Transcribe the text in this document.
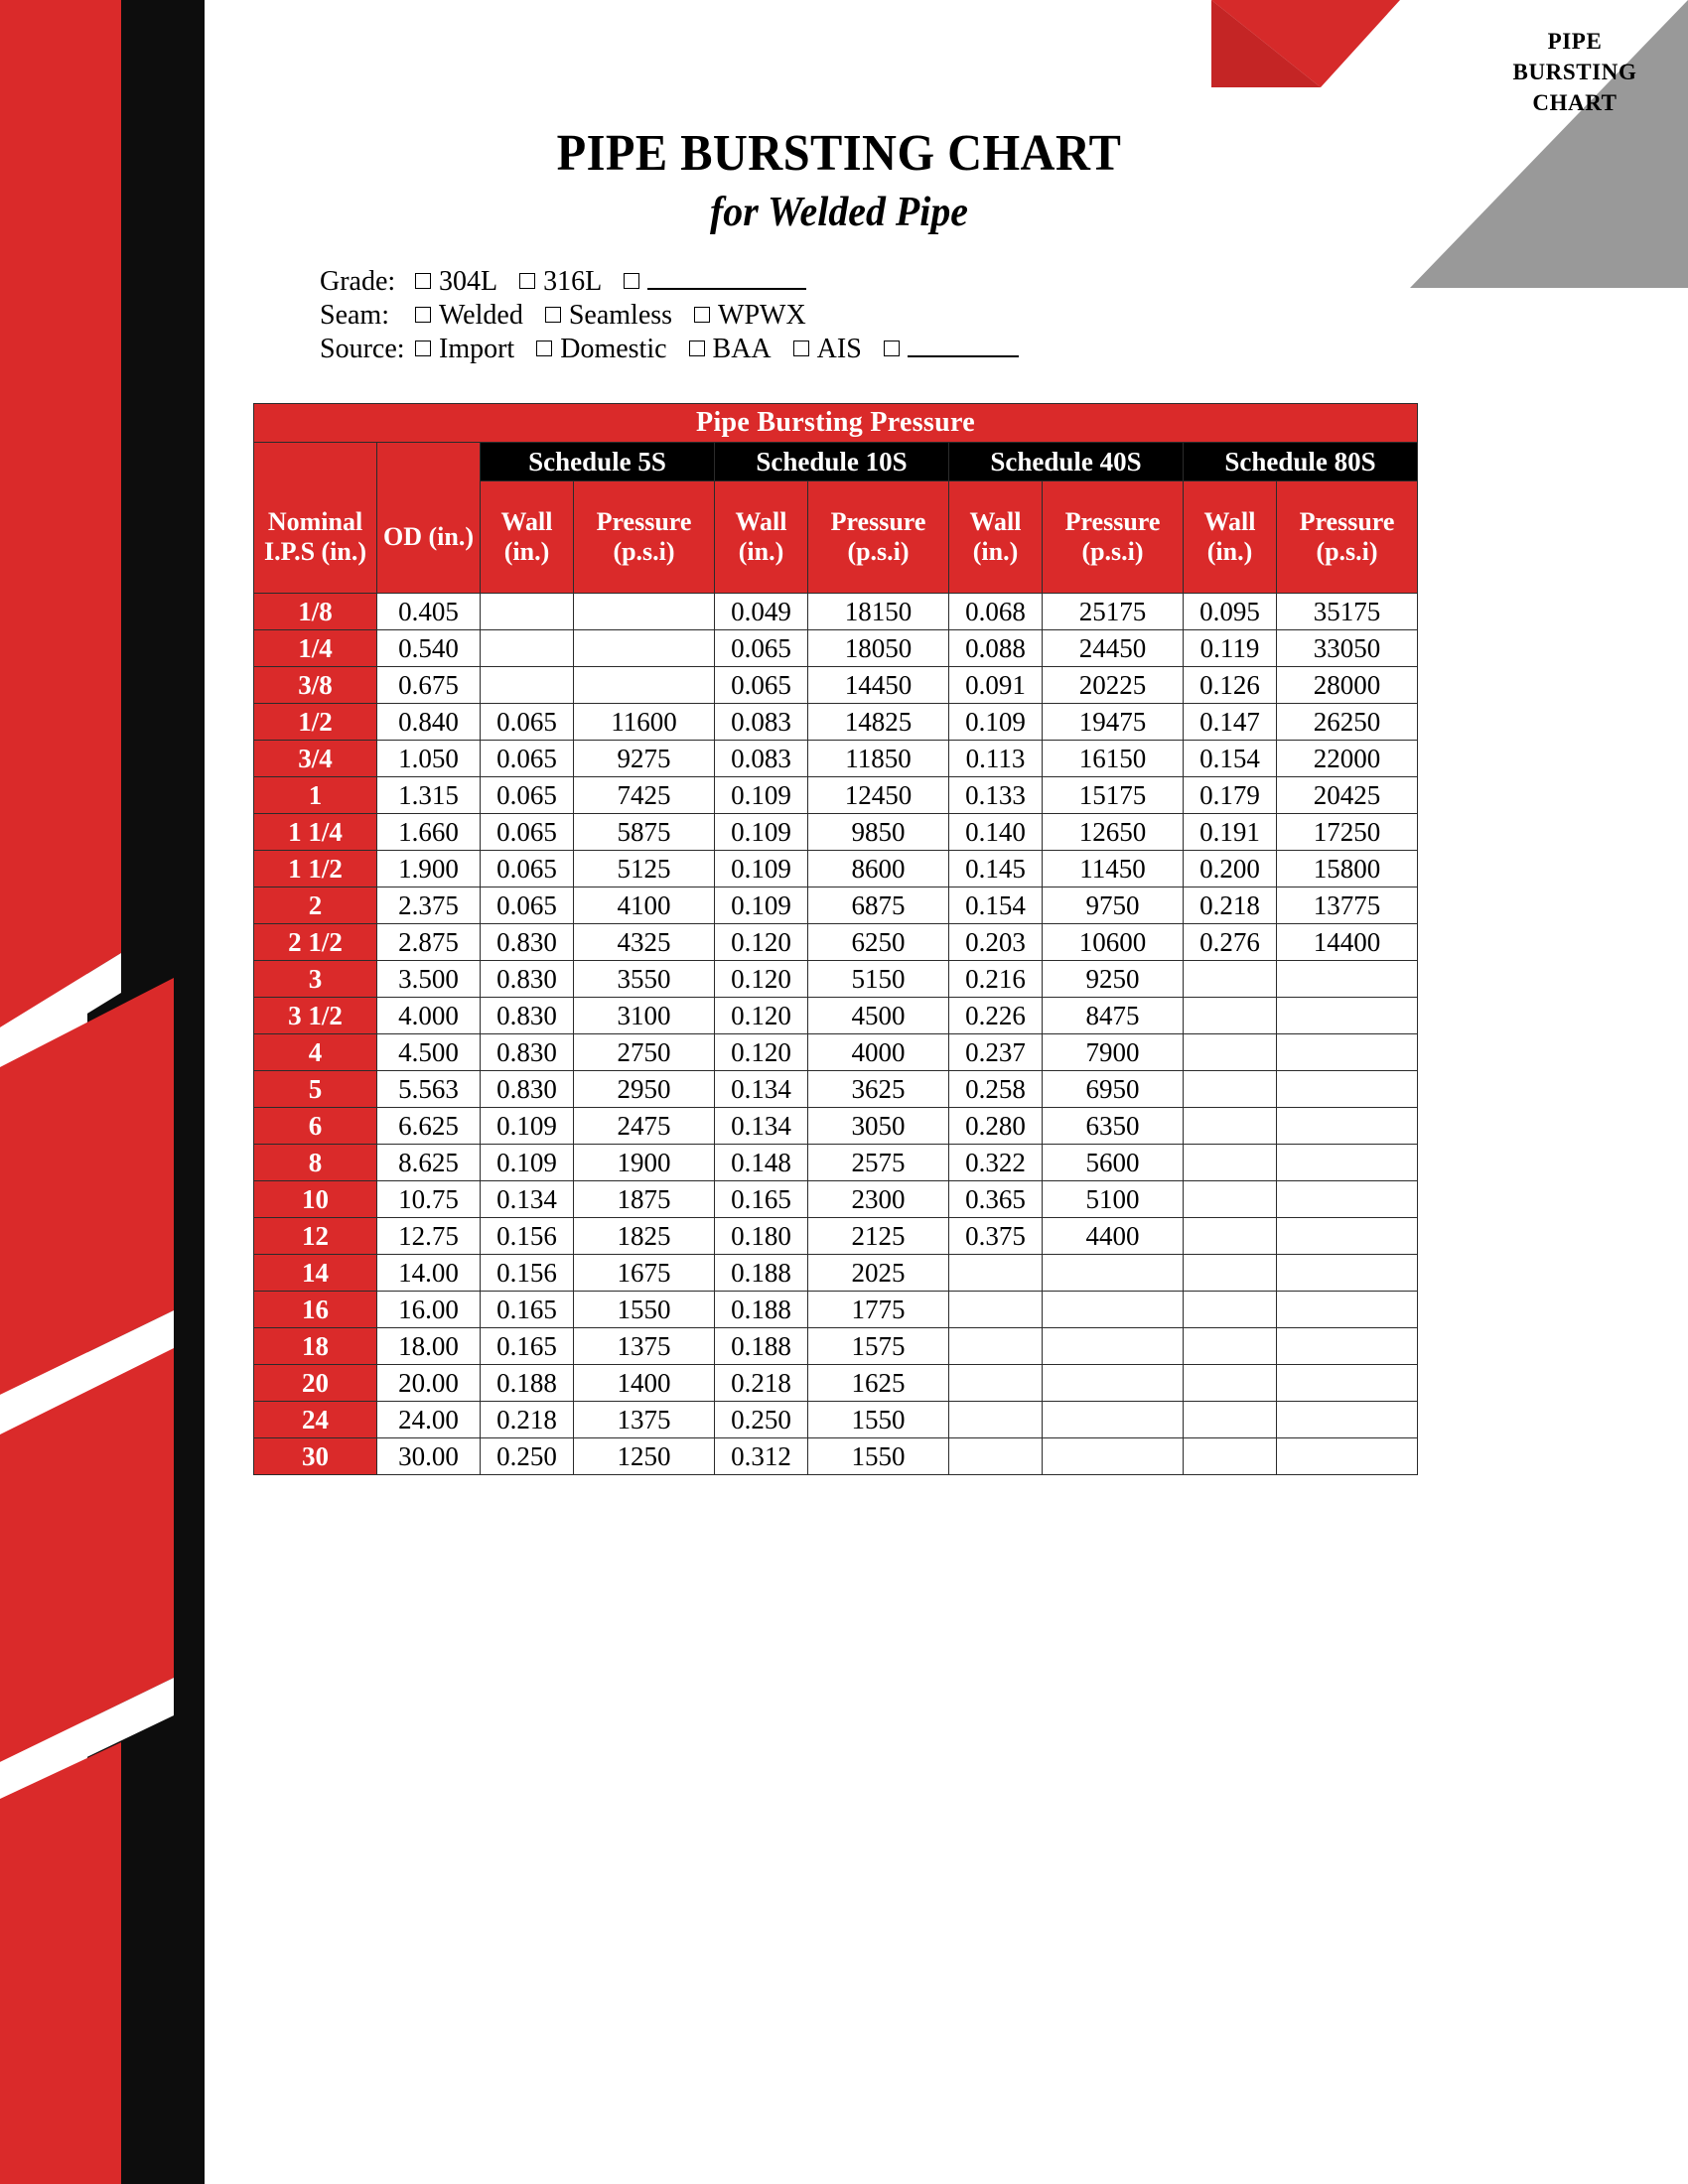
PIPE
BURSTING
CHART
PIPE BURSTING CHART
for Welded Pipe
Grade:	304L 316L
Seam:	Welded Seamless WPWX
Source:	Import Domestic BAA AIS
Pipe Bursting Pressure									
		Schedule 5S		Schedule 10S		Schedule 40S		Schedule 80S	

Nominal
I.P.S (in.)

OD (in.)

Wall
(in.)

Pressure
(p.s.i)

Wall
(in.)

Pressure
(p.s.i)

Wall
(in.)

Pressure
(p.s.i)

Wall
(in.)

Pressure
(p.s.i)

1/8	0.405			0.049	18150	0.068	25175	0.095	35175
1/4	0.540			0.065	18050	0.088	24450	0.119	33050
3/8	0.675			0.065	14450	0.091	20225	0.126	28000
1/2	0.840	0.065	11600	0.083	14825	0.109	19475	0.147	26250
3/4	1.050	0.065	9275	0.083	11850	0.113	16150	0.154	22000
1	1.315	0.065	7425	0.109	12450	0.133	15175	0.179	20425
1 1/4	1.660	0.065	5875	0.109	9850	0.140	12650	0.191	17250
1 1/2	1.900	0.065	5125	0.109	8600	0.145	11450	0.200	15800
2	2.375	0.065	4100	0.109	6875	0.154	9750	0.218	13775
2 1/2	2.875	0.830	4325	0.120	6250	0.203	10600	0.276	14400
3	3.500	0.830	3550	0.120	5150	0.216	9250		
3 1/2	4.000	0.830	3100	0.120	4500	0.226	8475		
4	4.500	0.830	2750	0.120	4000	0.237	7900		
5	5.563	0.830	2950	0.134	3625	0.258	6950		
6	6.625	0.109	2475	0.134	3050	0.280	6350		
8	8.625	0.109	1900	0.148	2575	0.322	5600		
10	10.75	0.134	1875	0.165	2300	0.365	5100		
12	12.75	0.156	1825	0.180	2125	0.375	4400		
14	14.00	0.156	1675	0.188	2025				
16	16.00	0.165	1550	0.188	1775				
18	18.00	0.165	1375	0.188	1575				
20	20.00	0.188	1400	0.218	1625				
24	24.00	0.218	1375	0.250	1550				
30	30.00	0.250	1250	0.312	1550				
